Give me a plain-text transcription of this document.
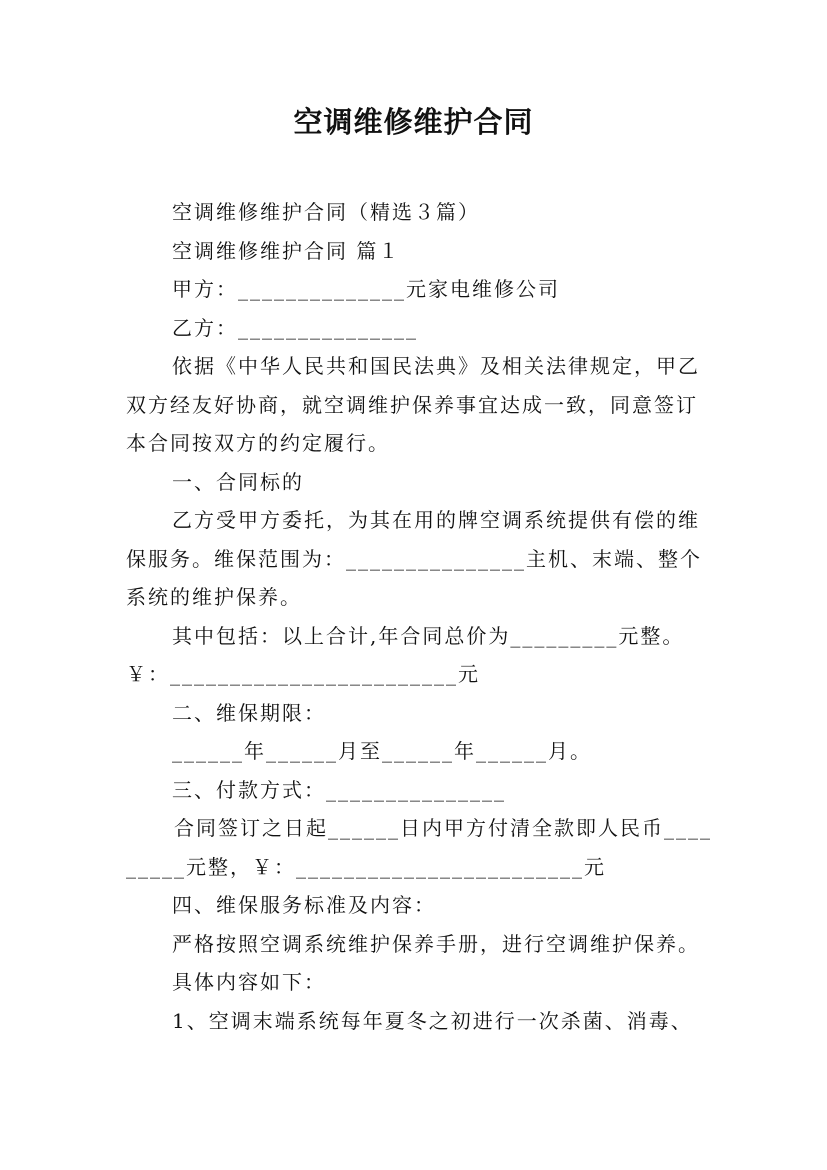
空调维修维护合同

空调维修维护合同（精选３篇）

空调维修维护合同 篇１

甲方：______________元家电维修公司

乙方：_______________

依据《中华人民共和国民法典》及相关法律规定，甲乙双方经友好协商，就空调维护保养事宜达成一致，同意签订本合同按双方的约定履行。

一、合同标的

乙方受甲方委托，为其在用的牌空调系统提供有偿的维保服务。维保范围为：_______________主机、末端、整个系统的维护保养。

其中包括：以上合计,年合同总价为_________元整。￥：________________________元

二、维保期限：

______年______月至______年______月。

三、付款方式：_______________

合同签订之日起______日内甲方付清全款即人民币_________元整，￥：________________________元

四、维保服务标准及内容：

严格按照空调系统维护保养手册，进行空调维护保养。

具体内容如下：

1、空调末端系统每年夏冬之初进行一次杀菌、消毒、
